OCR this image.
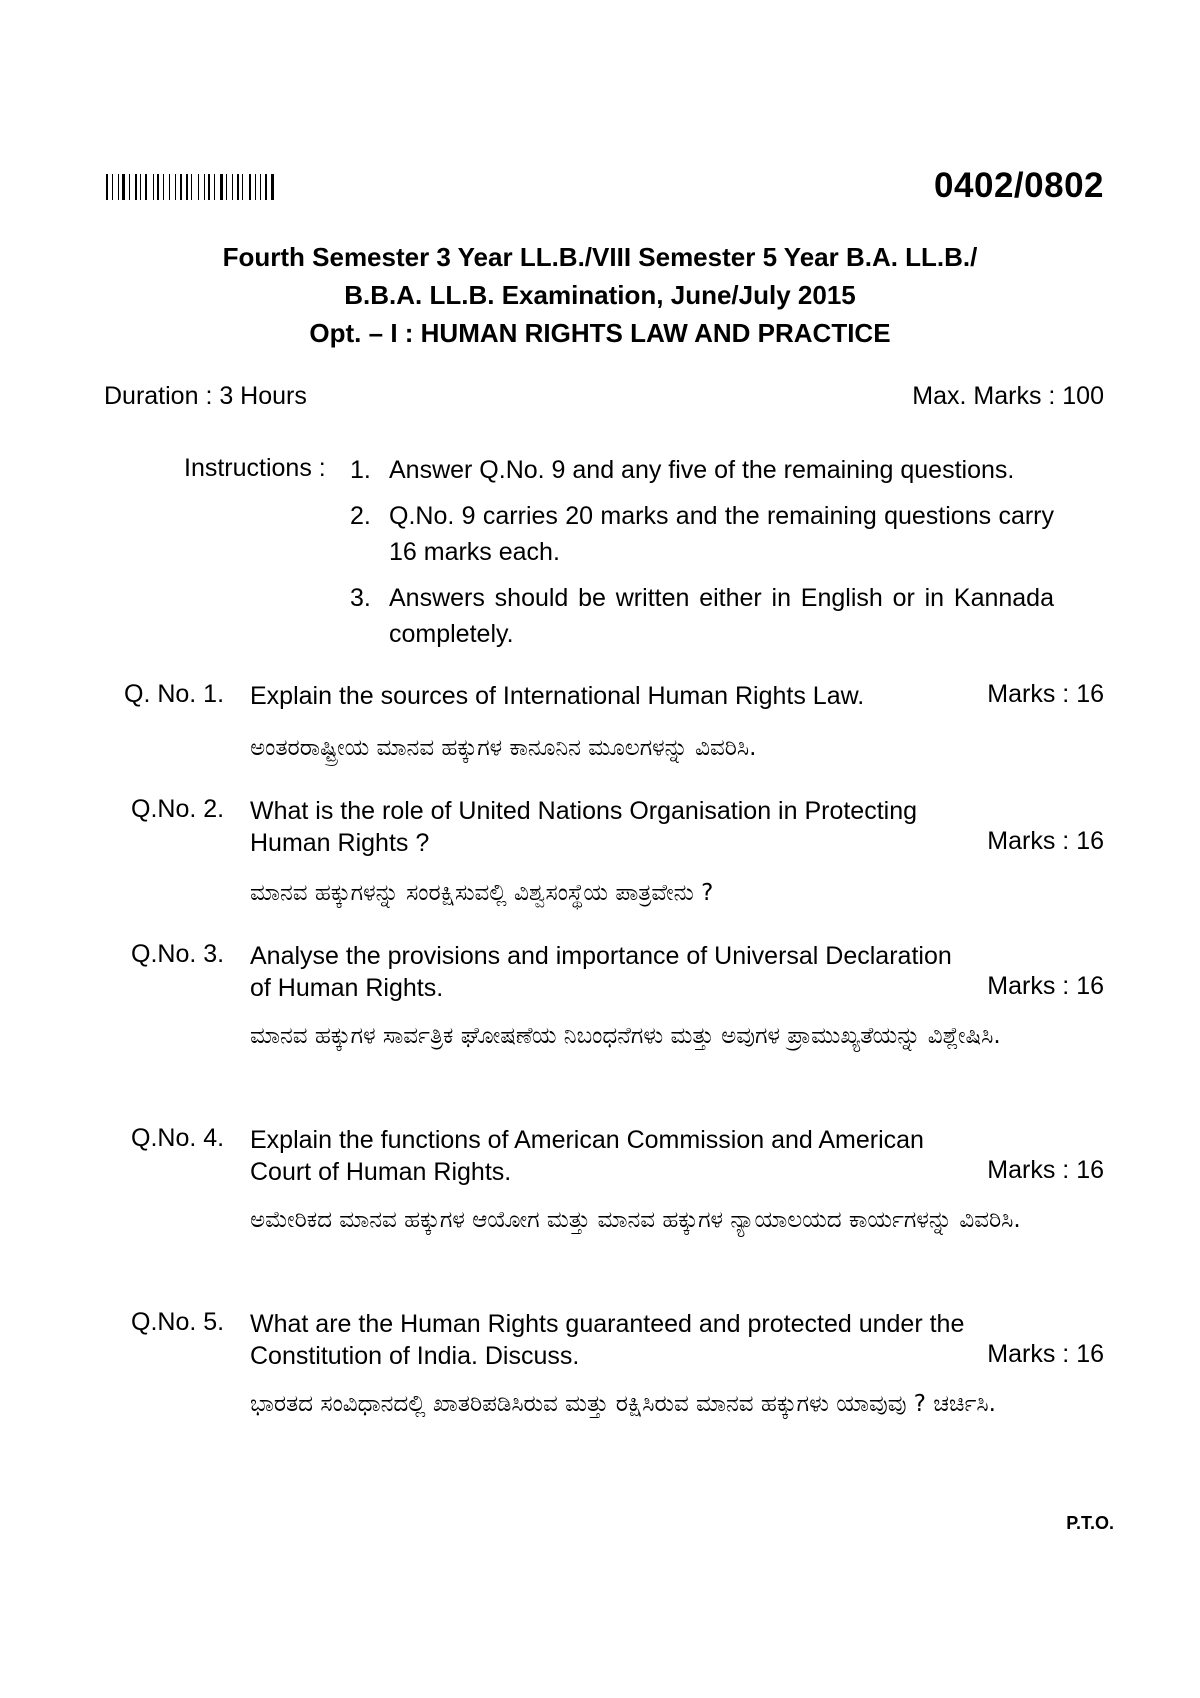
0402/0802
Fourth Semester 3 Year LL.B./VIII Semester 5 Year B.A. LL.B./
B.B.A. LL.B. Examination, June/July 2015
Opt. – I : HUMAN RIGHTS LAW AND PRACTICE
Duration : 3 Hours	Max. Marks : 100
Instructions : 1. Answer Q.No. 9 and any five of the remaining questions.
2. Q.No. 9 carries 20 marks and the remaining questions carry 16 marks each.
3. Answers should be written either in English or in Kannada completely.
Q. No. 1. Explain the sources of International Human Rights Law.	Marks : 16
ಅಂತರರಾಷ್ಟ್ರೀಯ ಮಾನವ ಹಕ್ಕುಗಳ ಕಾನೂನಿನ ಮೂಲಗಳನ್ನು ವಿವರಿಸಿ.
Q.No. 2. What is the role of United Nations Organisation in Protecting Human Rights ?	Marks : 16
ಮಾನವ ಹಕ್ಕುಗಳನ್ನು ಸಂರಕ್ಷಿಸುವಲ್ಲಿ ವಿಶ್ವಸಂಸ್ಥೆಯ ಪಾತ್ರವೇನು ?
Q.No. 3. Analyse the provisions and importance of Universal Declaration of Human Rights.	Marks : 16
ಮಾನವ ಹಕ್ಕುಗಳ ಸಾರ್ವತ್ರಿಕ ಘೋಷಣೆಯ ನಿಬಂಧನೆಗಳು ಮತ್ತು ಅವುಗಳ ಪ್ರಾಮುಖ್ಯತೆಯನ್ನು ವಿಶ್ಲೇಷಿಸಿ.
Q.No. 4. Explain the functions of American Commission and American Court of Human Rights.	Marks : 16
ಅಮೇರಿಕದ ಮಾನವ ಹಕ್ಕುಗಳ ಆಯೋಗ ಮತ್ತು ಮಾನವ ಹಕ್ಕುಗಳ ನ್ಯಾಯಾಲಯದ ಕಾರ್ಯಗಳನ್ನು ವಿವರಿಸಿ.
Q.No. 5. What are the Human Rights guaranteed and protected under the Constitution of India. Discuss.	Marks : 16
ಭಾರತದ ಸಂವಿಧಾನದಲ್ಲಿ ಖಾತರಿಪಡಿಸಿರುವ ಮತ್ತು ರಕ್ಷಿಸಿರುವ ಮಾನವ ಹಕ್ಕುಗಳು ಯಾವುವು ? ಚರ್ಚಿಸಿ.
P.T.O.
